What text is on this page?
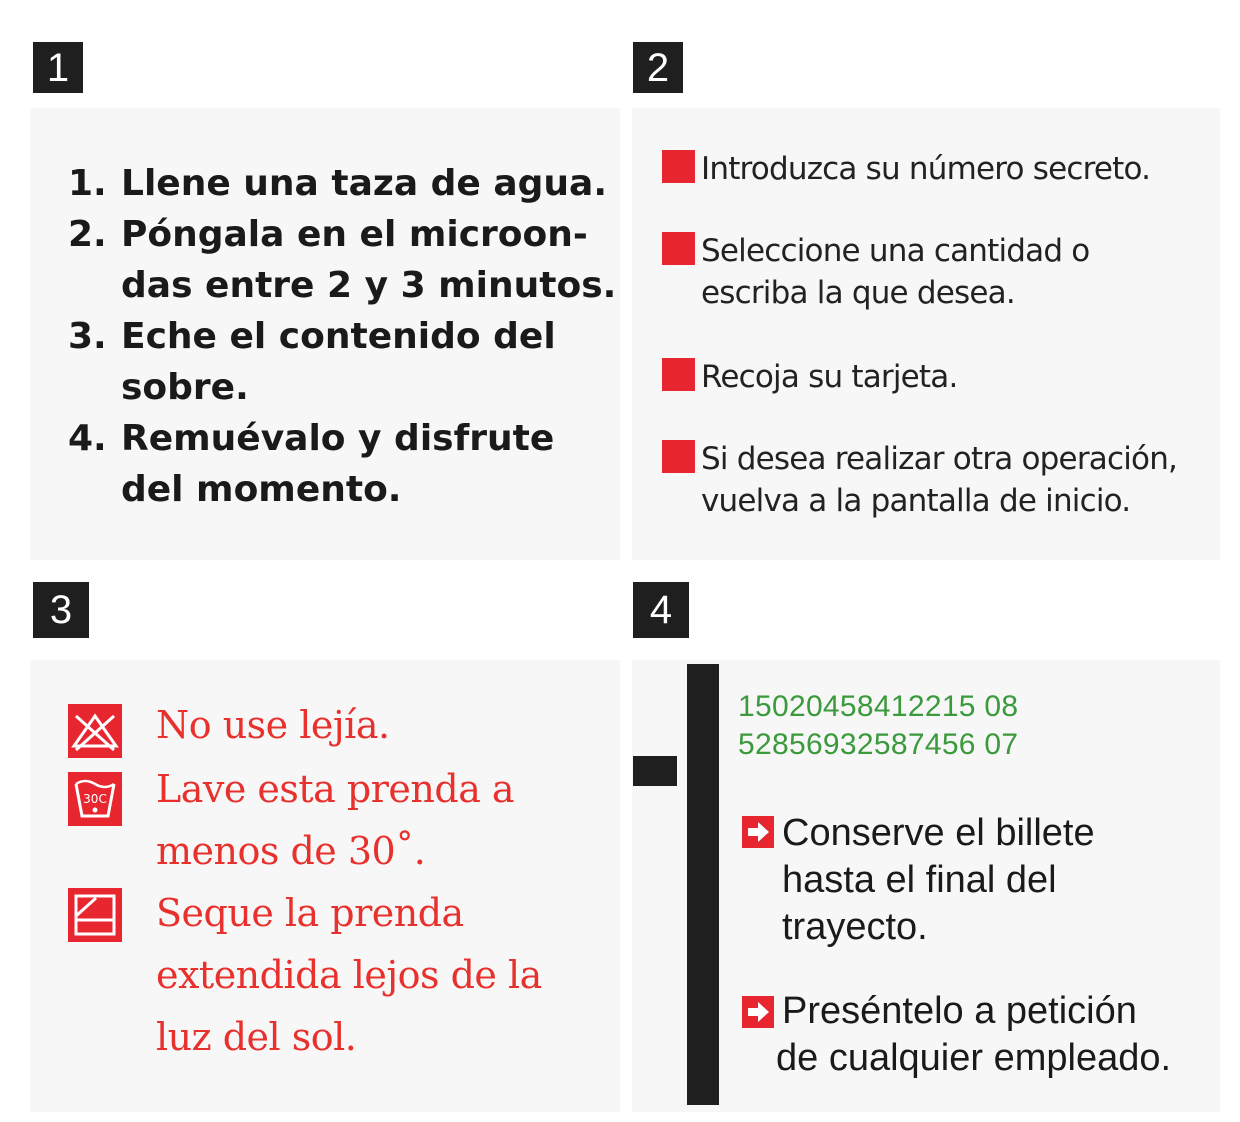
1	2
3	4
1. Llene una taza de agua.
2. Póngala en el microon-
das entre 2 y 3 minutos.
3. Eche el contenido del
sobre.
4. Remuévalo y disfrute
del momento.
Introduzca su número secreto.
Seleccione una cantidad o
escriba la que desea.
Recoja su tarjeta.
Si desea realizar otra operación,
vuelva a la pantalla de inicio.
30C
No use lejía.
Lave esta prenda a
menos de 30˚.
Seque la prenda
extendida lejos de la
luz del sol.
15020458412215 08
52856932587456 07
Conserve el billete
hasta el final del
trayecto.
Preséntelo a petición
de cualquier empleado.
